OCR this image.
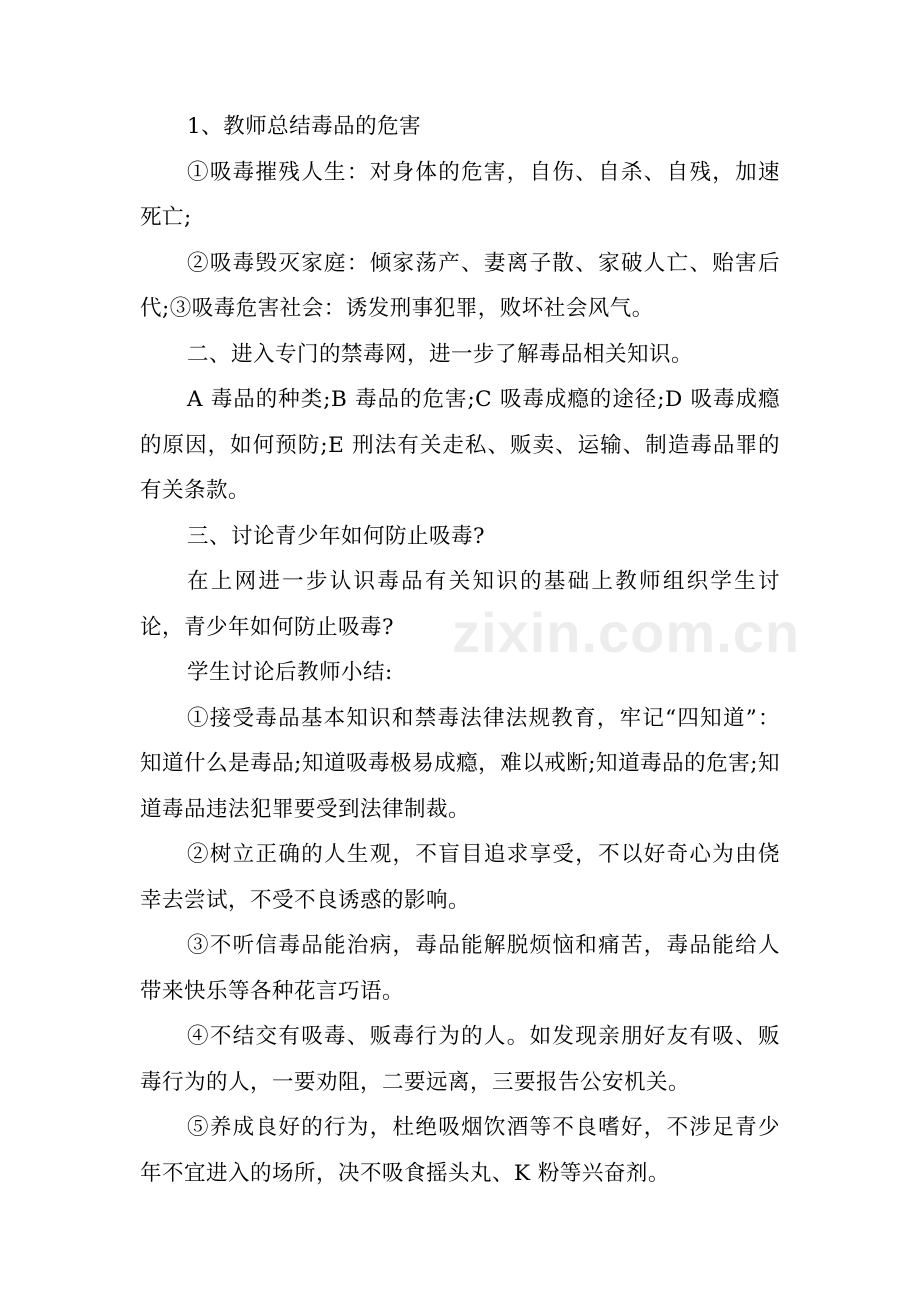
1、教师总结毒品的危害

①吸毒摧残人生：对身体的危害，自伤、自杀、自残，加速死亡;

②吸毒毁灭家庭：倾家荡产、妻离子散、家破人亡、贻害后代;③吸毒危害社会：诱发刑事犯罪，败坏社会风气。

二、进入专门的禁毒网，进一步了解毒品相关知识。

A 毒品的种类;B 毒品的危害;C 吸毒成瘾的途径;D 吸毒成瘾的原因，如何预防;E 刑法有关走私、贩卖、运输、制造毒品罪的有关条款。

三、讨论青少年如何防止吸毒?

在上网进一步认识毒品有关知识的基础上教师组织学生讨论，青少年如何防止吸毒?

学生讨论后教师小结:

①接受毒品基本知识和禁毒法律法规教育，牢记“四知道”：知道什么是毒品;知道吸毒极易成瘾，难以戒断;知道毒品的危害;知道毒品违法犯罪要受到法律制裁。

②树立正确的人生观，不盲目追求享受，不以好奇心为由侥幸去尝试，不受不良诱惑的影响。

③不听信毒品能治病，毒品能解脱烦恼和痛苦，毒品能给人带来快乐等各种花言巧语。

④不结交有吸毒、贩毒行为的人。如发现亲朋好友有吸、贩毒行为的人，一要劝阻，二要远离，三要报告公安机关。

⑤养成良好的行为，杜绝吸烟饮酒等不良嗜好，不涉足青少年不宜进入的场所，决不吸食摇头丸、K 粉等兴奋剂。

zixin.com.cn
